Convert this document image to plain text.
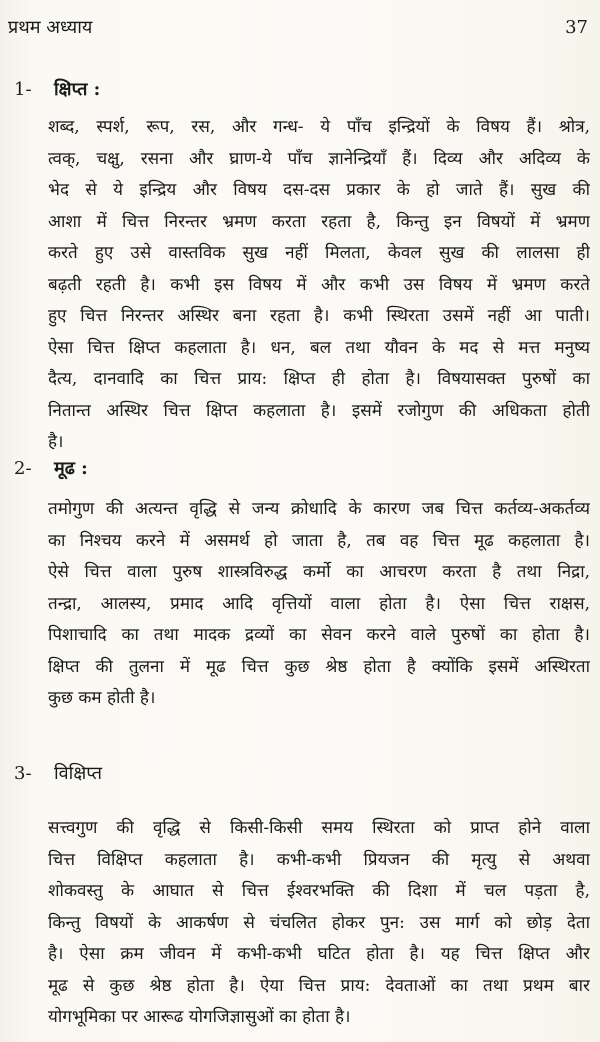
प्रथम अध्याय	37
1- क्षिप्त :
शब्द, स्पर्श, रूप, रस, और गन्ध- ये पाँच इन्द्रियों के विषय हैं। श्रोत्र,
त्वक्, चक्षु, रसना और घ्राण-ये पाँच ज्ञानेन्द्रियाँ हैं। दिव्य और अदिव्य के
भेद से ये इन्द्रिय और विषय दस-दस प्रकार के हो जाते हैं। सुख की
आशा में चित्त निरन्तर भ्रमण करता रहता है, किन्तु इन विषयों में भ्रमण
करते हुए उसे वास्तविक सुख नहीं मिलता, केवल सुख की लालसा ही
बढ़ती रहती है। कभी इस विषय में और कभी उस विषय में भ्रमण करते
हुए चित्त निरन्तर अस्थिर बना रहता है। कभी स्थिरता उसमें नहीं आ पाती।
ऐसा चित्त क्षिप्त कहलाता है। धन, बल तथा यौवन के मद से मत्त मनुष्य
दैत्य, दानवादि का चित्त प्राय: क्षिप्त ही होता है। विषयासक्त पुरुषों का
नितान्त अस्थिर चित्त क्षिप्त कहलाता है। इसमें रजोगुण की अधिकता होती
है।
2- मूढ :
तमोगुण की अत्यन्त वृद्धि से जन्य क्रोधादि के कारण जब चित्त कर्तव्य-अकर्तव्य
का निश्चय करने में असमर्थ हो जाता है, तब वह चित्त मूढ कहलाता है।
ऐसे चित्त वाला पुरुष शास्त्रविरुद्ध कर्मो का आचरण करता है तथा निद्रा,
तन्द्रा, आलस्य, प्रमाद आदि वृत्तियों वाला होता है। ऐसा चित्त राक्षस,
पिशाचादि का तथा मादक द्रव्यों का सेवन करने वाले पुरुषों का होता है।
क्षिप्त की तुलना में मूढ चित्त कुछ श्रेष्ठ होता है क्योंकि इसमें अस्थिरता
कुछ कम होती है।
3- विक्षिप्त
सत्त्वगुण की वृद्धि से किसी-किसी समय स्थिरता को प्राप्त होने वाला
चित्त विक्षिप्त कहलाता है। कभी-कभी प्रियजन की मृत्यु से अथवा
शोकवस्तु के आघात से चित्त ईश्वरभक्ति की दिशा में चल पड़ता है,
किन्तु विषयों के आकर्षण से चंचलित होकर पुन: उस मार्ग को छोड़ देता
है। ऐसा क्रम जीवन में कभी-कभी घटित होता है। यह चित्त क्षिप्त और
मूढ से कुछ श्रेष्ठ होता है। ऐया चित्त प्राय: देवताओं का तथा प्रथम बार
योगभूमिका पर आरूढ योगजिज्ञासुओं का होता है।
